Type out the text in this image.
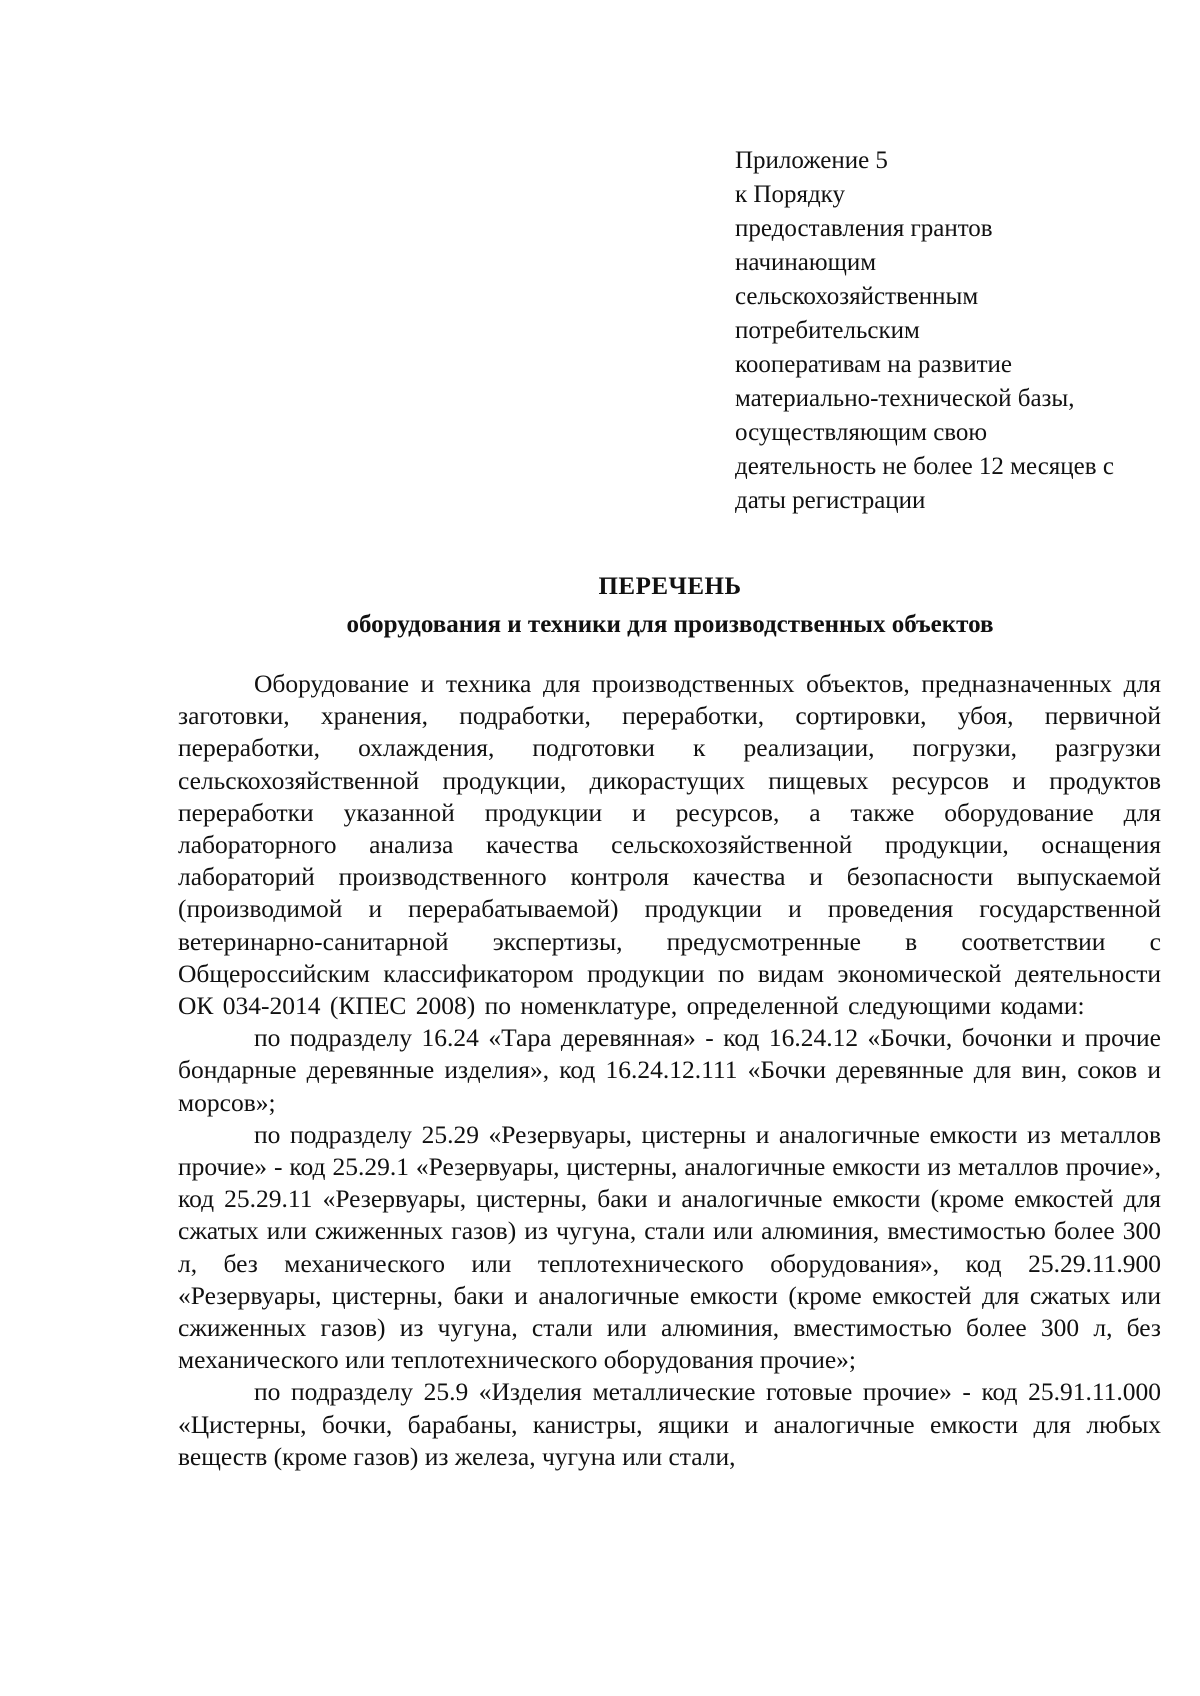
Приложение 5
к Порядку
предоставления грантов
начинающим
сельскохозяйственным
потребительским
кооперативам на развитие
материально-технической базы,
осуществляющим свою
деятельность не более 12 месяцев с
даты регистрации
ПЕРЕЧЕНЬ
оборудования и техники для производственных объектов

Оборудование и техника для производственных объектов, предназначенных для заготовки, хранения, подработки, переработки, сортировки, убоя, первичной переработки, охлаждения, подготовки к реализации, погрузки, разгрузки сельскохозяйственной продукции, дикорастущих пищевых ресурсов и продуктов переработки указанной продукции и ресурсов, а также оборудование для лабораторного анализа качества сельскохозяйственной продукции, оснащения лабораторий производственного контроля качества и безопасности выпускаемой (производимой и перерабатываемой) продукции и проведения государственной ветеринарно-санитарной экспертизы, предусмотренные в соответствии с Общероссийским классификатором продукции по видам экономической деятельности ОК 034-2014 (КПЕС 2008) по номенклатуре, определенной следующими кодами:

по подразделу 16.24 «Тара деревянная» - код 16.24.12 «Бочки, бочонки и прочие бондарные деревянные изделия», код 16.24.12.111 «Бочки деревянные для вин, соков и морсов»;

по подразделу 25.29 «Резервуары, цистерны и аналогичные емкости из металлов прочие» - код 25.29.1 «Резервуары, цистерны, аналогичные емкости из металлов прочие», код 25.29.11 «Резервуары, цистерны, баки и аналогичные емкости (кроме емкостей для сжатых или сжиженных газов) из чугуна, стали или алюминия, вместимостью более 300 л, без механического или теплотехнического оборудования», код 25.29.11.900 «Резервуары, цистерны, баки и аналогичные емкости (кроме емкостей для сжатых или сжиженных газов) из чугуна, стали или алюминия, вместимостью более 300 л, без механического или теплотехнического оборудования прочие»;

по подразделу 25.9 «Изделия металлические готовые прочие» - код 25.91.11.000 «Цистерны, бочки, барабаны, канистры, ящики и аналогичные емкости для любых веществ (кроме газов) из железа, чугуна или стали,
